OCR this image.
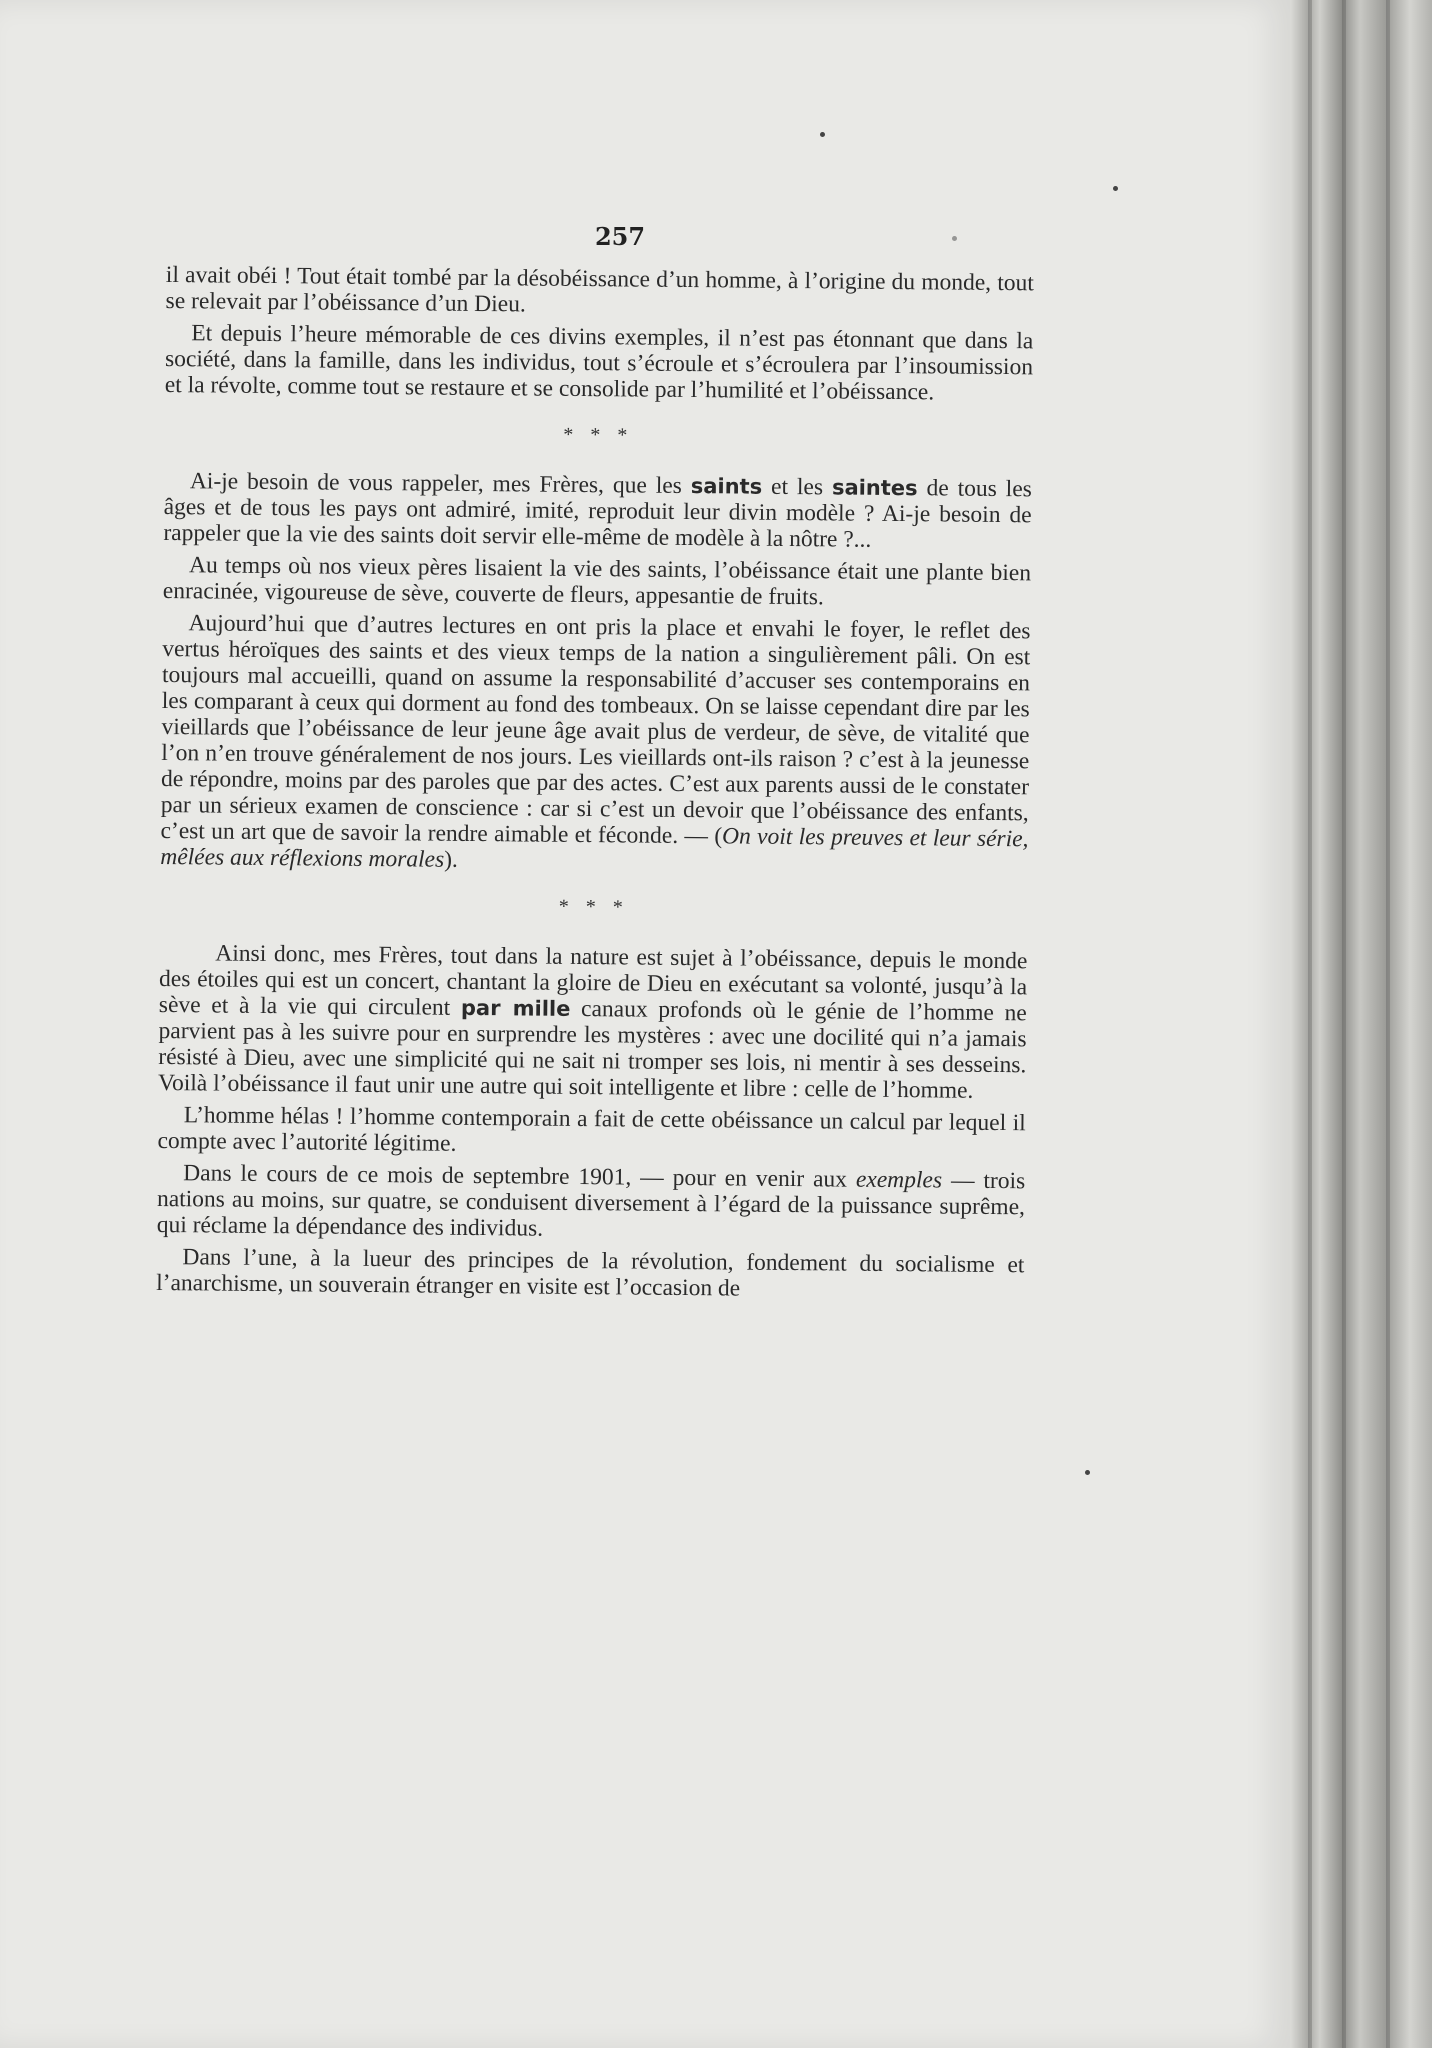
257

il avait obéi ! Tout était tombé par la désobéissance d’un homme, à l’origine du monde, tout se relevait par l’obéissance d’un Dieu.

Et depuis l’heure mémorable de ces divins exemples, il n’est pas étonnant que dans la société, dans la famille, dans les individus, tout s’écroule et s’écroulera par l’insoumission et la révolte, comme tout se restaure et se consolide par l’humilité et l’obéissance.

* * *

Ai-je besoin de vous rappeler, mes Frères, que les saints et les saintes de tous les âges et de tous les pays ont admiré, imité, reproduit leur divin modèle ? Ai-je besoin de rappeler que la vie des saints doit servir elle-même de modèle à la nôtre ?...

Au temps où nos vieux pères lisaient la vie des saints, l’obéissance était une plante bien enracinée, vigoureuse de sève, couverte de fleurs, appesantie de fruits.

Aujourd’hui que d’autres lectures en ont pris la place et envahi le foyer, le reflet des vertus héroïques des saints et des vieux temps de la nation a singulièrement pâli. On est toujours mal accueilli, quand on assume la responsabilité d’accuser ses contemporains en les comparant à ceux qui dorment au fond des tombeaux. On se laisse cependant dire par les vieillards que l’obéissance de leur jeune âge avait plus de verdeur, de sève, de vitalité que l’on n’en trouve généralement de nos jours. Les vieillards ont-ils raison ? c’est à la jeunesse de répondre, moins par des paroles que par des actes. C’est aux parents aussi de le constater par un sérieux examen de conscience : car si c’est un devoir que l’obéissance des enfants, c’est un art que de savoir la rendre aimable et féconde. — (On voit les preuves et leur série, mêlées aux réflexions morales).

* * *

Ainsi donc, mes Frères, tout dans la nature est sujet à l’obéissance, depuis le monde des étoiles qui est un concert, chantant la gloire de Dieu en exécutant sa volonté, jusqu’à la sève et à la vie qui circulent par mille canaux profonds où le génie de l’homme ne parvient pas à les suivre pour en surprendre les mystères : avec une docilité qui n’a jamais résisté à Dieu, avec une simplicité qui ne sait ni tromper ses lois, ni mentir à ses desseins. Voilà l’obéissance il faut unir une autre qui soit intelligente et libre : celle de l’homme.

L’homme hélas ! l’homme contemporain a fait de cette obéissance un calcul par lequel il compte avec l’autorité légitime.

Dans le cours de ce mois de septembre 1901, — pour en venir aux exemples — trois nations au moins, sur quatre, se conduisent diversement à l’égard de la puissance suprême, qui réclame la dépendance des individus.

Dans l’une, à la lueur des principes de la révolution, fondement du socialisme et l’anarchisme, un souverain étranger en visite est l’occasion de
